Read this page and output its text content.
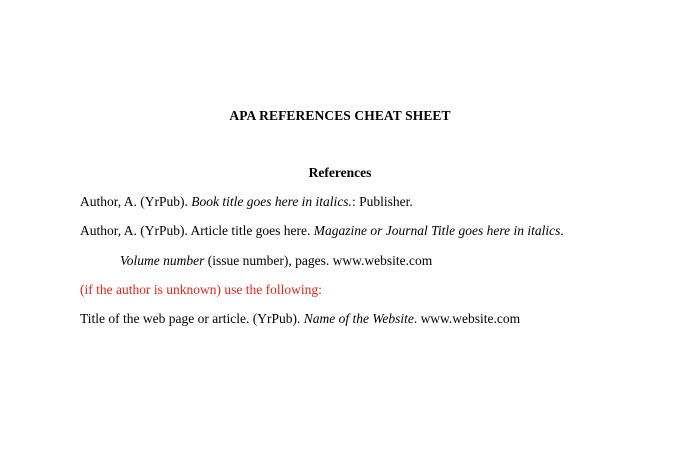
APA REFERENCES CHEAT SHEET
References
Author, A. (YrPub). Book title goes here in italics.: Publisher.
Author, A. (YrPub). Article title goes here. Magazine or Journal Title goes here in italics.
Volume number (issue number), pages. www.website.com
(if the author is unknown) use the following:
Title of the web page or article. (YrPub). Name of the Website. www.website.com
